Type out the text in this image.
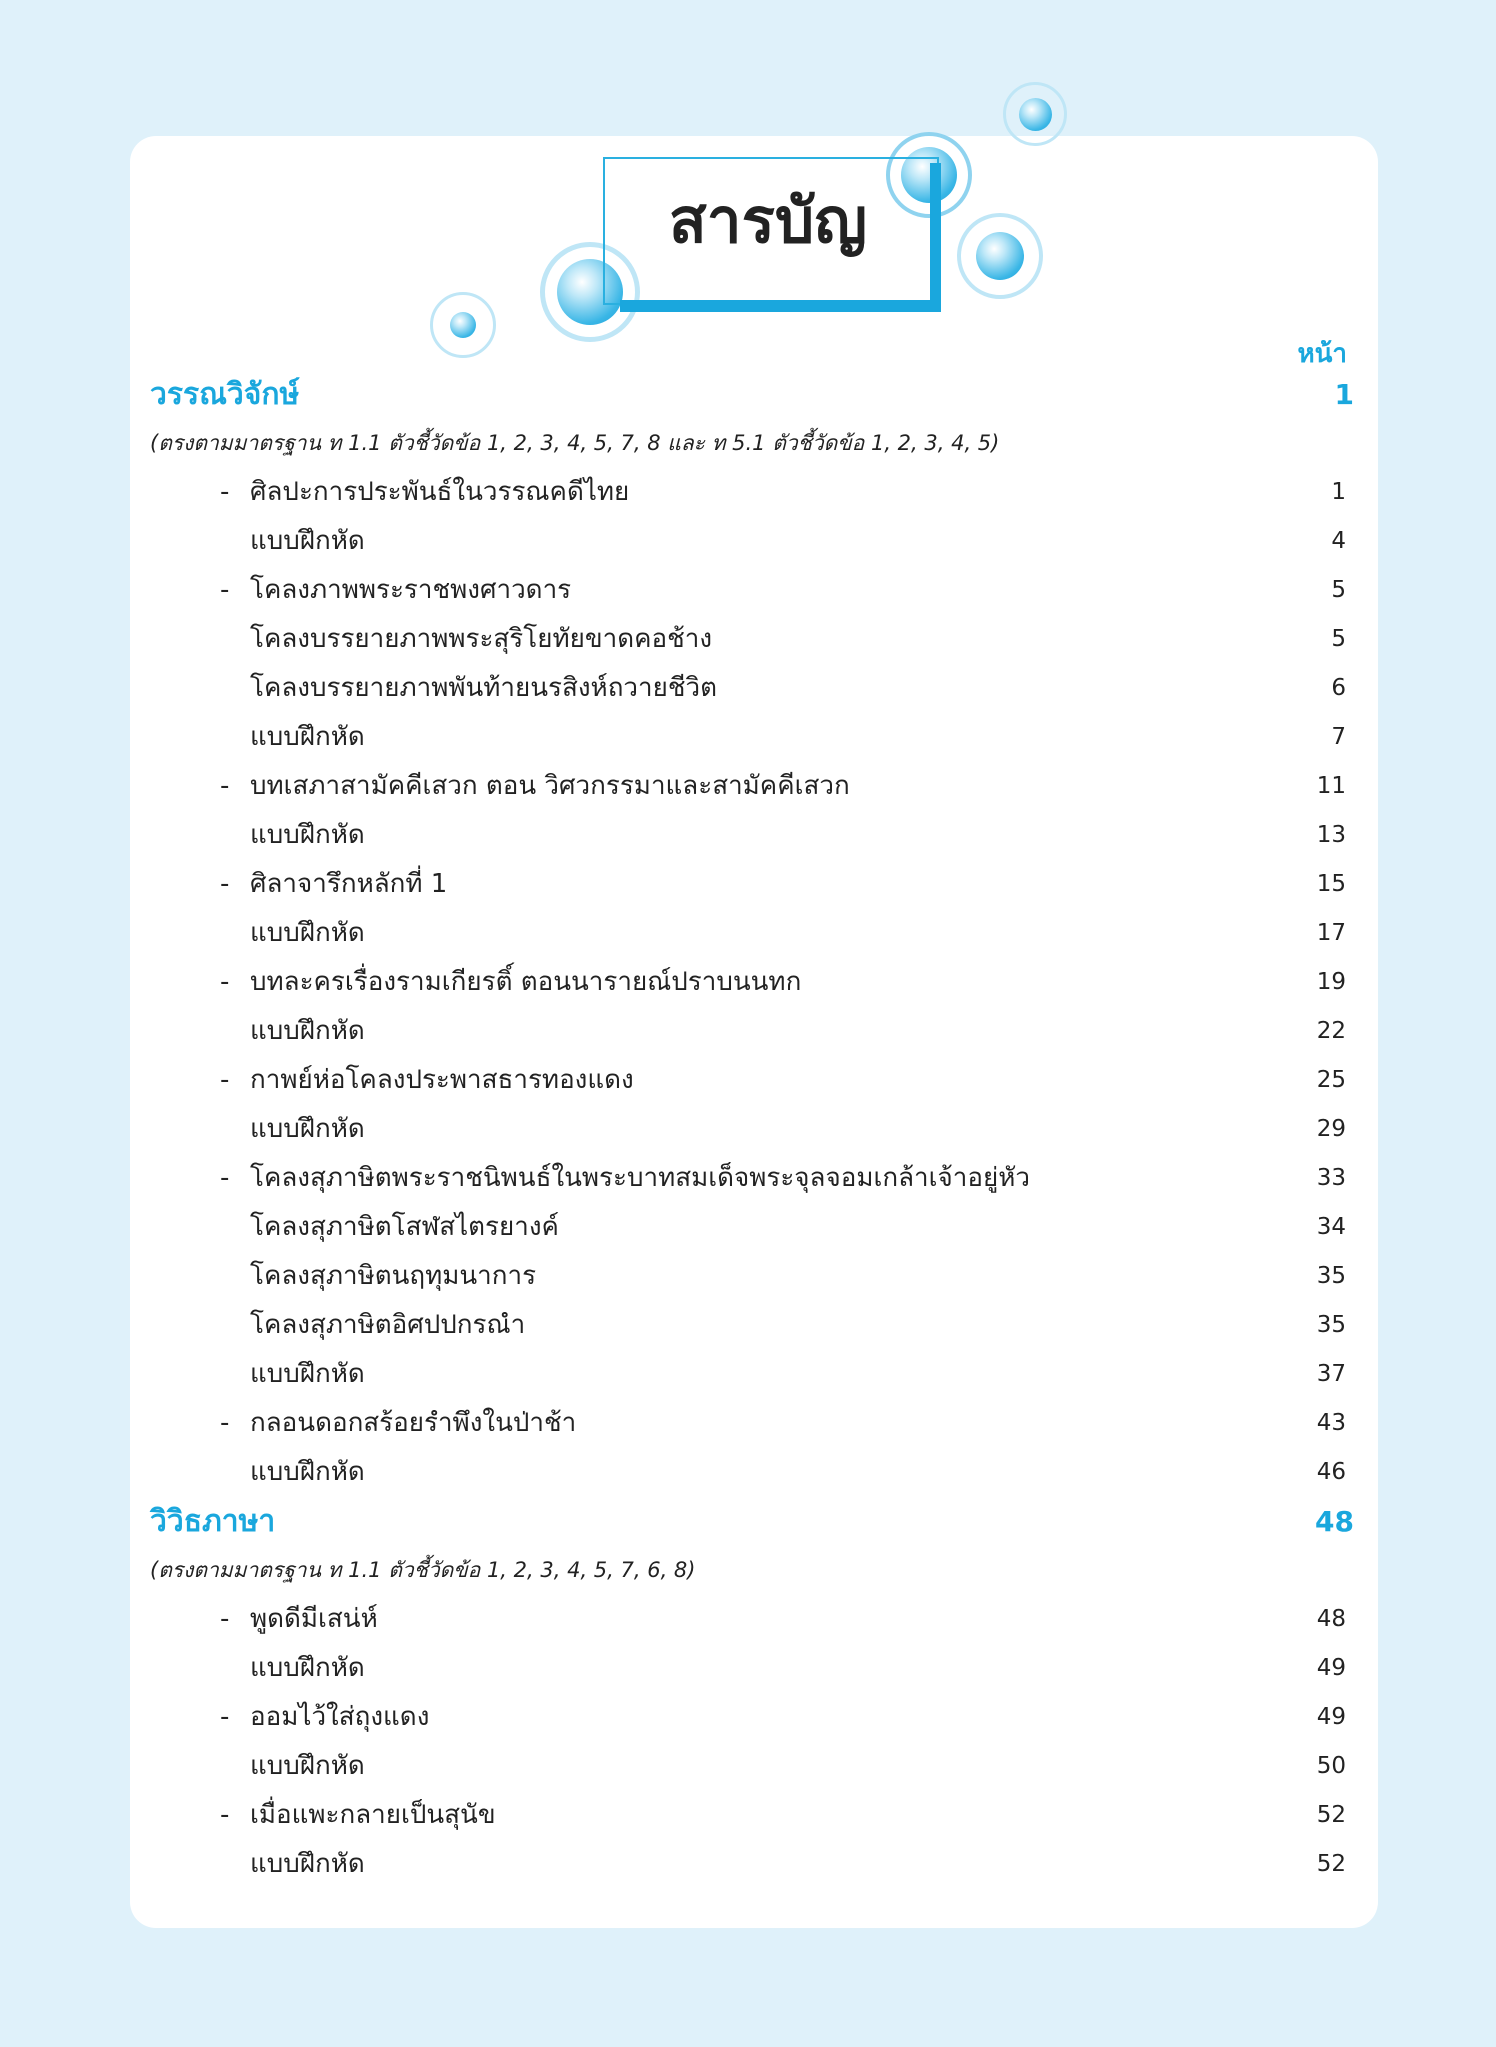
สารบัญ
หน้า
วรรณวิจักษ์	1
(ตรงตามมาตรฐาน ท 1.1 ตัวชี้วัดข้อ 1, 2, 3, 4, 5, 7, 8 และ ท 5.1 ตัวชี้วัดข้อ 1, 2, 3, 4, 5)
- ศิลปะการประพันธ์ในวรรณคดีไทย	1
แบบฝึกหัด	4
- โคลงภาพพระราชพงศาวดาร	5
โคลงบรรยายภาพพระสุริโยทัยขาดคอช้าง	5
โคลงบรรยายภาพพันท้ายนรสิงห์ถวายชีวิต	6
แบบฝึกหัด	7
- บทเสภาสามัคคีเสวก ตอน วิศวกรรมาและสามัคคีเสวก	11
แบบฝึกหัด	13
- ศิลาจารึกหลักที่ 1	15
แบบฝึกหัด	17
- บทละครเรื่องรามเกียรติ์ ตอนนารายณ์ปราบนนทก	19
แบบฝึกหัด	22
- กาพย์ห่อโคลงประพาสธารทองแดง	25
แบบฝึกหัด	29
- โคลงสุภาษิตพระราชนิพนธ์ในพระบาทสมเด็จพระจุลจอมเกล้าเจ้าอยู่หัว	33
โคลงสุภาษิตโสฬสไตรยางค์	34
โคลงสุภาษิตนฤทุมนาการ	35
โคลงสุภาษิตอิศปปกรณำ	35
แบบฝึกหัด	37
- กลอนดอกสร้อยรำพึงในป่าช้า	43
แบบฝึกหัด	46
วิวิธภาษา	48
(ตรงตามมาตรฐาน ท 1.1 ตัวชี้วัดข้อ 1, 2, 3, 4, 5, 7, 6, 8)
- พูดดีมีเสน่ห์	48
แบบฝึกหัด	49
- ออมไว้ใส่ถุงแดง	49
แบบฝึกหัด	50
- เมื่อแพะกลายเป็นสุนัข	52
แบบฝึกหัด	52
